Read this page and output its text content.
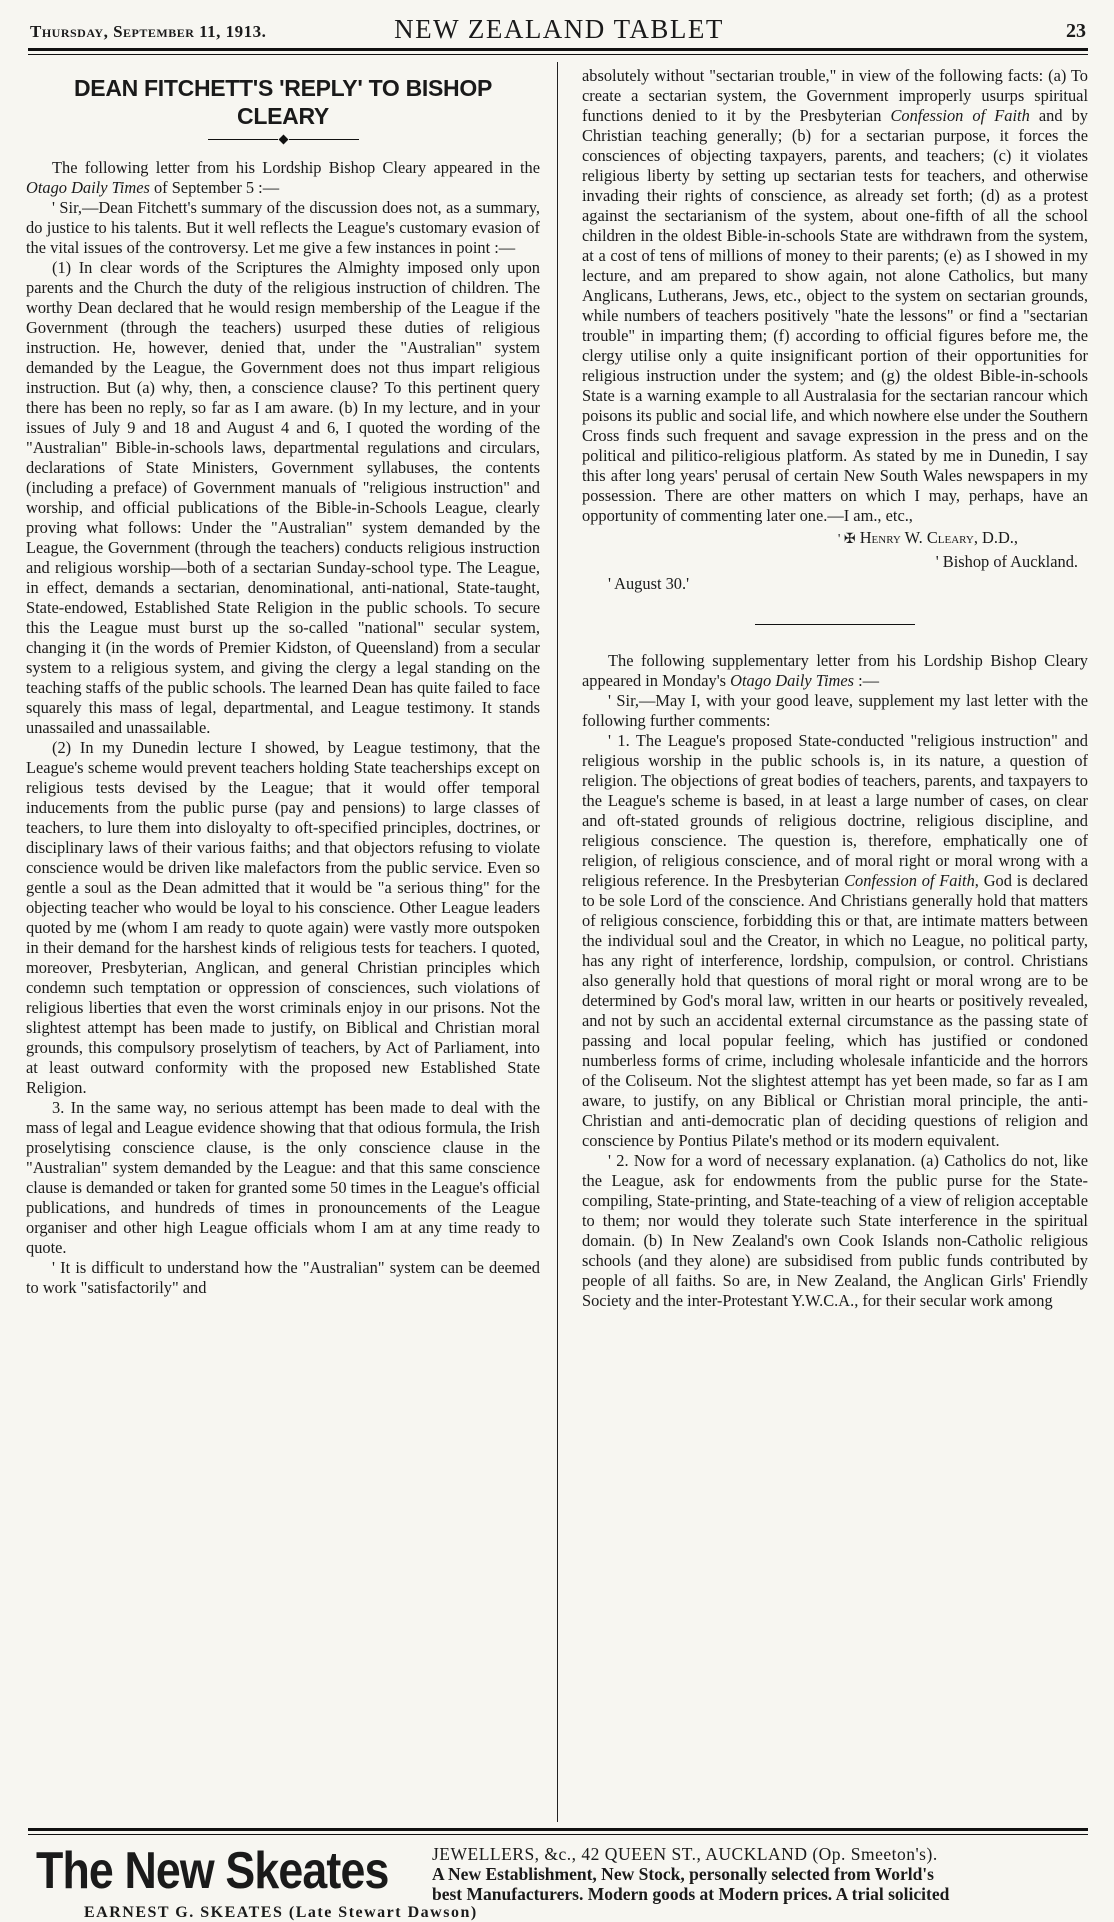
Thursday, September 11, 1913.	NEW ZEALAND TABLET	23
DEAN FITCHETT'S 'REPLY' TO BISHOP CLEARY

The following letter from his Lordship Bishop Cleary appeared in the Otago Daily Times of September 5 :—

' Sir,—Dean Fitchett's summary of the discussion does not, as a summary, do justice to his talents. But it well reflects the League's customary evasion of the vital issues of the controversy. Let me give a few instances in point :—

(1) In clear words of the Scriptures the Almighty imposed only upon parents and the Church the duty of the religious instruction of children. The worthy Dean declared that he would resign membership of the League if the Government (through the teachers) usurped these duties of religious instruction. He, however, denied that, under the "Australian" system demanded by the League, the Government does not thus impart religious instruction. But (a) why, then, a conscience clause? To this pertinent query there has been no reply, so far as I am aware. (b) In my lecture, and in your issues of July 9 and 18 and August 4 and 6, I quoted the wording of the "Australian" Bible-in-schools laws, departmental regulations and circulars, declarations of State Ministers, Government syllabuses, the contents (including a preface) of Government manuals of "religious instruction" and worship, and official publications of the Bible-in-Schools League, clearly proving what follows: Under the "Australian" system demanded by the League, the Government (through the teachers) conducts religious instruction and religious worship—both of a sectarian Sunday-school type. The League, in effect, demands a sectarian, denominational, anti-national, State-taught, State-endowed, Established State Religion in the public schools. To secure this the League must burst up the so-called "national" secular system, changing it (in the words of Premier Kidston, of Queensland) from a secular system to a religious system, and giving the clergy a legal standing on the teaching staffs of the public schools. The learned Dean has quite failed to face squarely this mass of legal, departmental, and League testimony. It stands unassailed and unassailable.

(2) In my Dunedin lecture I showed, by League testimony, that the League's scheme would prevent teachers holding State teacherships except on religious tests devised by the League; that it would offer temporal inducements from the public purse (pay and pensions) to large classes of teachers, to lure them into disloyalty to oft-specified principles, doctrines, or disciplinary laws of their various faiths; and that objectors refusing to violate conscience would be driven like malefactors from the public service. Even so gentle a soul as the Dean admitted that it would be "a serious thing" for the objecting teacher who would be loyal to his conscience. Other League leaders quoted by me (whom I am ready to quote again) were vastly more outspoken in their demand for the harshest kinds of religious tests for teachers. I quoted, moreover, Presbyterian, Anglican, and general Christian principles which condemn such temptation or oppression of consciences, such violations of religious liberties that even the worst criminals enjoy in our prisons. Not the slightest attempt has been made to justify, on Biblical and Christian moral grounds, this compulsory proselytism of teachers, by Act of Parliament, into at least outward conformity with the proposed new Established State Religion.

3. In the same way, no serious attempt has been made to deal with the mass of legal and League evidence showing that that odious formula, the Irish proselytising conscience clause, is the only conscience clause in the "Australian" system demanded by the League: and that this same conscience clause is demanded or taken for granted some 50 times in the League's official publications, and hundreds of times in pronouncements of the League organiser and other high League officials whom I am at any time ready to quote.

' It is difficult to understand how the "Australian" system can be deemed to work "satisfactorily" and

absolutely without "sectarian trouble," in view of the following facts: (a) To create a sectarian system, the Government improperly usurps spiritual functions denied to it by the Presbyterian Confession of Faith and by Christian teaching generally; (b) for a sectarian purpose, it forces the consciences of objecting taxpayers, parents, and teachers; (c) it violates religious liberty by setting up sectarian tests for teachers, and otherwise invading their rights of conscience, as already set forth; (d) as a protest against the sectarianism of the system, about one-fifth of all the school children in the oldest Bible-in-schools State are withdrawn from the system, at a cost of tens of millions of money to their parents; (e) as I showed in my lecture, and am prepared to show again, not alone Catholics, but many Anglicans, Lutherans, Jews, etc., object to the system on sectarian grounds, while numbers of teachers positively "hate the lessons" or find a "sectarian trouble" in imparting them; (f) according to official figures before me, the clergy utilise only a quite insignificant portion of their opportunities for religious instruction under the system; and (g) the oldest Bible-in-schools State is a warning example to all Australasia for the sectarian rancour which poisons its public and social life, and which nowhere else under the Southern Cross finds such frequent and savage expression in the press and on the political and pilitico-religious platform. As stated by me in Dunedin, I say this after long years' perusal of certain New South Wales newspapers in my possession. There are other matters on which I may, perhaps, have an opportunity of commenting later one.—I am., etc.,

' ✠ Henry W. Cleary, D.D.,
' Bishop of Auckland.

' August 30.'

The following supplementary letter from his Lordship Bishop Cleary appeared in Monday's Otago Daily Times :—

' Sir,—May I, with your good leave, supplement my last letter with the following further comments:

' 1. The League's proposed State-conducted "religious instruction" and religious worship in the public schools is, in its nature, a question of religion. The objections of great bodies of teachers, parents, and taxpayers to the League's scheme is based, in at least a large number of cases, on clear and oft-stated grounds of religious doctrine, religious discipline, and religious conscience. The question is, therefore, emphatically one of religion, of religious conscience, and of moral right or moral wrong with a religious reference. In the Presbyterian Confession of Faith, God is declared to be sole Lord of the conscience. And Christians generally hold that matters of religious conscience, forbidding this or that, are intimate matters between the individual soul and the Creator, in which no League, no political party, has any right of interference, lordship, compulsion, or control. Christians also generally hold that questions of moral right or moral wrong are to be determined by God's moral law, written in our hearts or positively revealed, and not by such an accidental external circumstance as the passing state of passing and local popular feeling, which has justified or condoned numberless forms of crime, including wholesale infanticide and the horrors of the Coliseum. Not the slightest attempt has yet been made, so far as I am aware, to justify, on any Biblical or Christian moral principle, the anti-Christian and anti-democratic plan of deciding questions of religion and conscience by Pontius Pilate's method or its modern equivalent.

' 2. Now for a word of necessary explanation. (a) Catholics do not, like the League, ask for endowments from the public purse for the State-compiling, State-printing, and State-teaching of a view of religion acceptable to them; nor would they tolerate such State interference in the spiritual domain. (b) In New Zealand's own Cook Islands non-Catholic religious schools (and they alone) are subsidised from public funds contributed by people of all faiths. So are, in New Zealand, the Anglican Girls' Friendly Society and the inter-Protestant Y.W.C.A., for their secular work among

The New Skeates JEWELLERS, &c., 42 QUEEN ST., AUCKLAND (Op. Smeeton's).
A New Establishment, New Stock, personally selected from World's
best Manufacturers. Modern goods at Modern prices. A trial solicited
EARNEST G. SKEATES (Late Stewart Dawson)
